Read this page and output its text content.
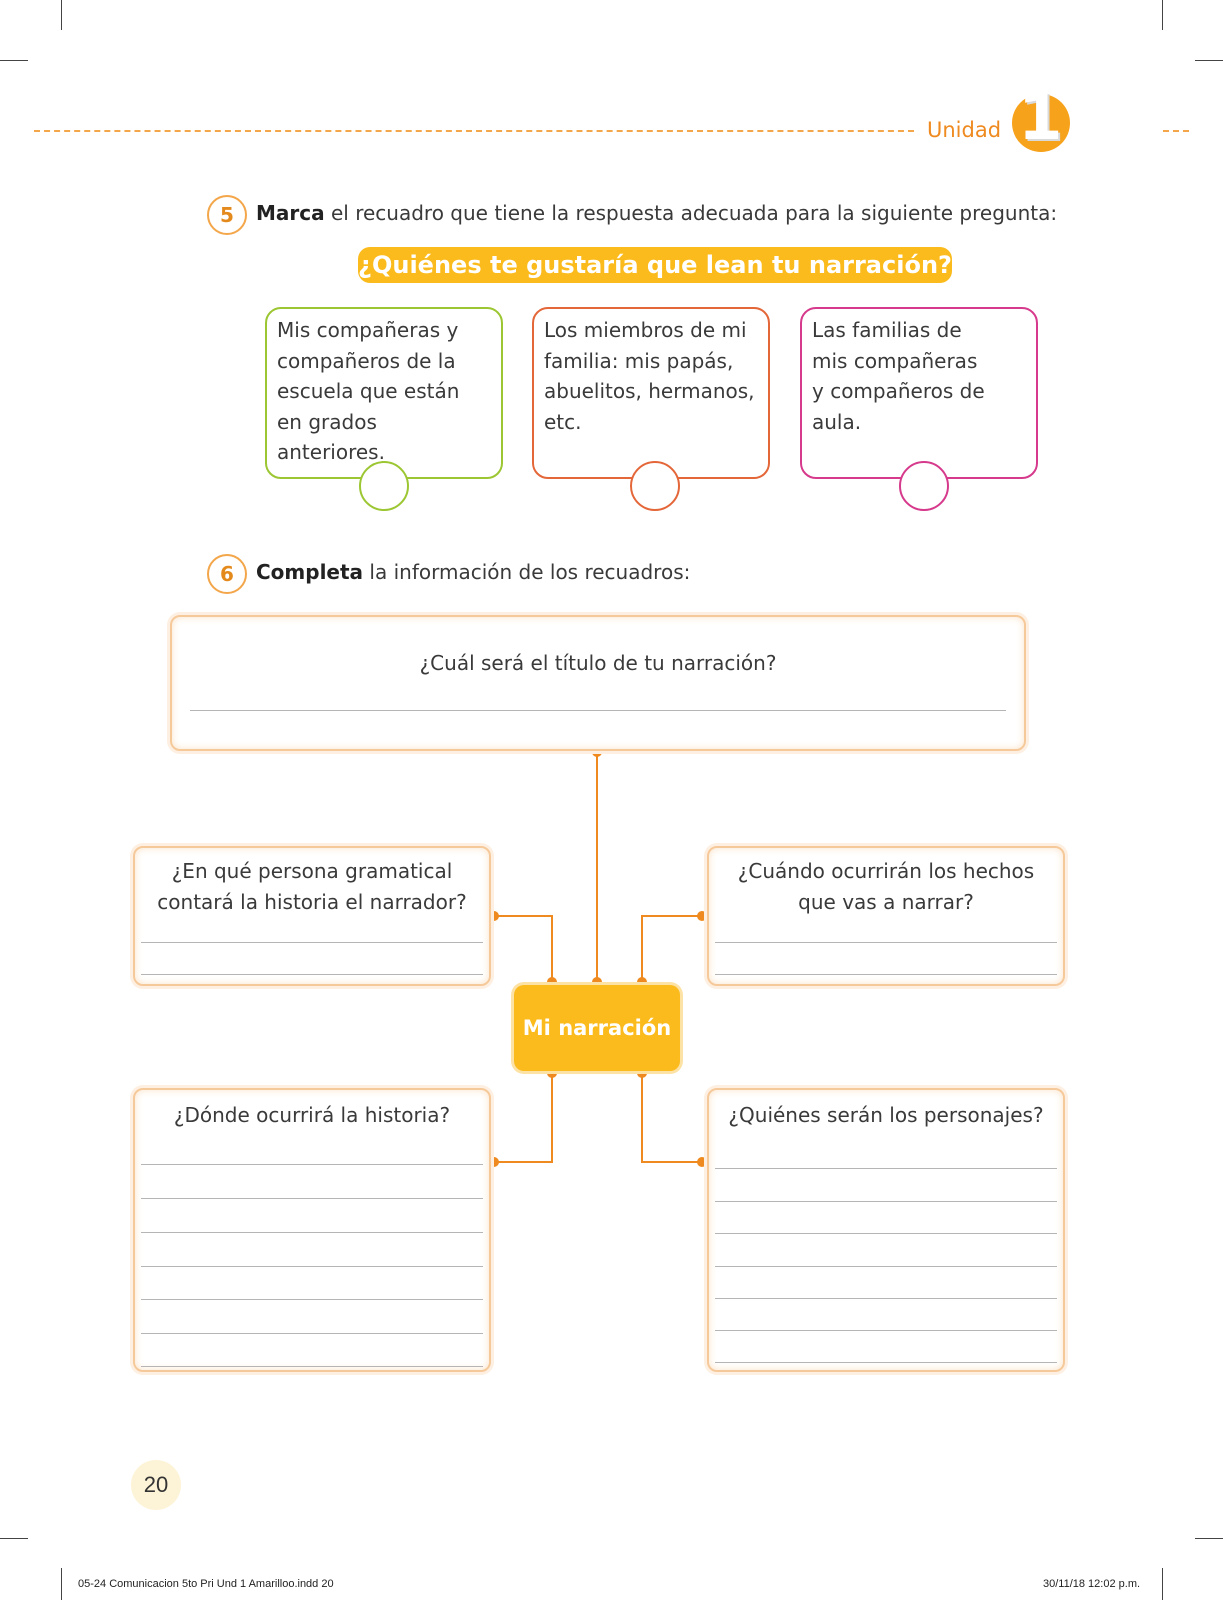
Unidad 1
5	Marca el recuadro que tiene la respuesta adecuada para la siguiente pregunta:
¿Quiénes te gustaría que lean tu narración?
Mis compañeras y
compañeros de la
escuela que están
en grados anteriores.
Los miembros de mi
familia: mis papás,
abuelitos, hermanos,
etc.
Las familias de
mis compañeras
y compañeros de
aula.
6	Completa la información de los recuadros:
¿Cuál será el título de tu narración?
¿En qué persona gramatical
contará la historia el narrador?
¿Cuándo ocurrirán los hechos
que vas a narrar?
Mi narración
¿Dónde ocurrirá la historia?	¿Quiénes serán los personajes?
20
05-24 Comunicacion 5to Pri Und 1 Amarilloo.indd 20	30/11/18 12:02 p.m.
